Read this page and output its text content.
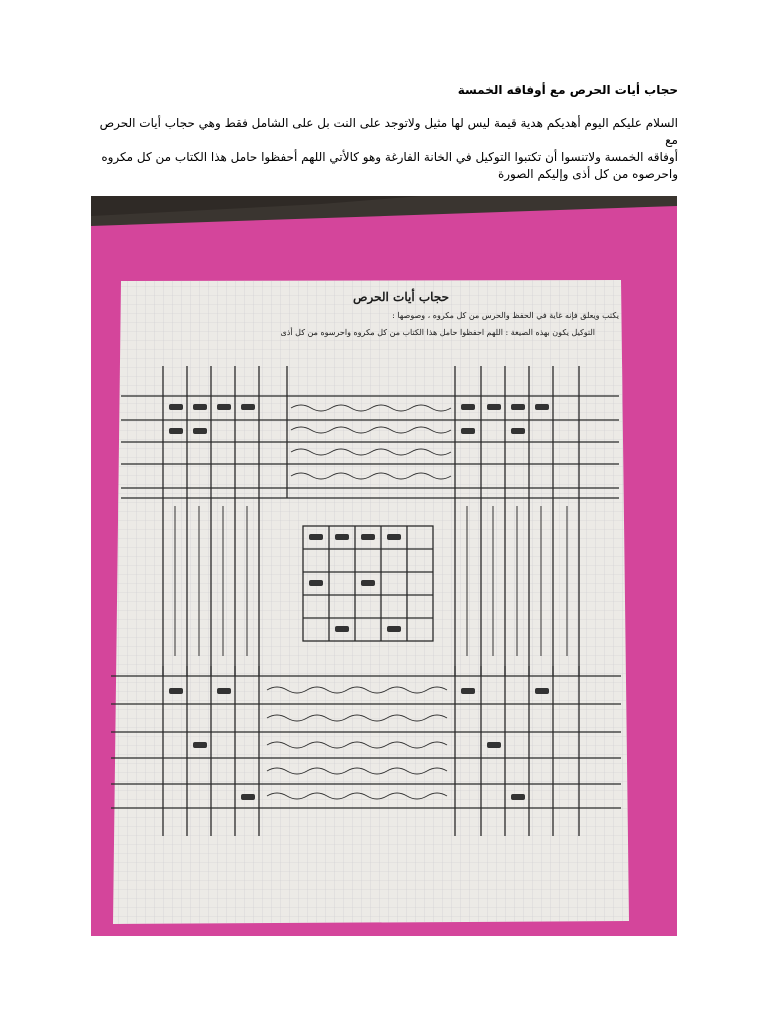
حجاب أيات الحرص مع أوفاقه الخمسة
السلام عليكم اليوم أهديكم هدية قيمة ليس لها مثيل ولاتوجد على النت بل على الشامل فقط وهي حجاب أيات الحرص مع
أوفاقه الخمسة ولاتنسوا أن تكتبوا التوكيل في الخانة الفارغة وهو كالأتي اللهم أحفظوا حامل هذا الكتاب من كل مكروه
واحرصوه من كل أذى وإليكم الصورة
حجاب أيات الحرص
يكتب ويعلق فإنه غاية في الحفظ والحرس من كل مكروه ، وصوصها :
التوكيل يكون بهذه الصيغة : اللهم احفظوا حامل هذا الكتاب من كل مكروه واحرسوه من كل أذى
